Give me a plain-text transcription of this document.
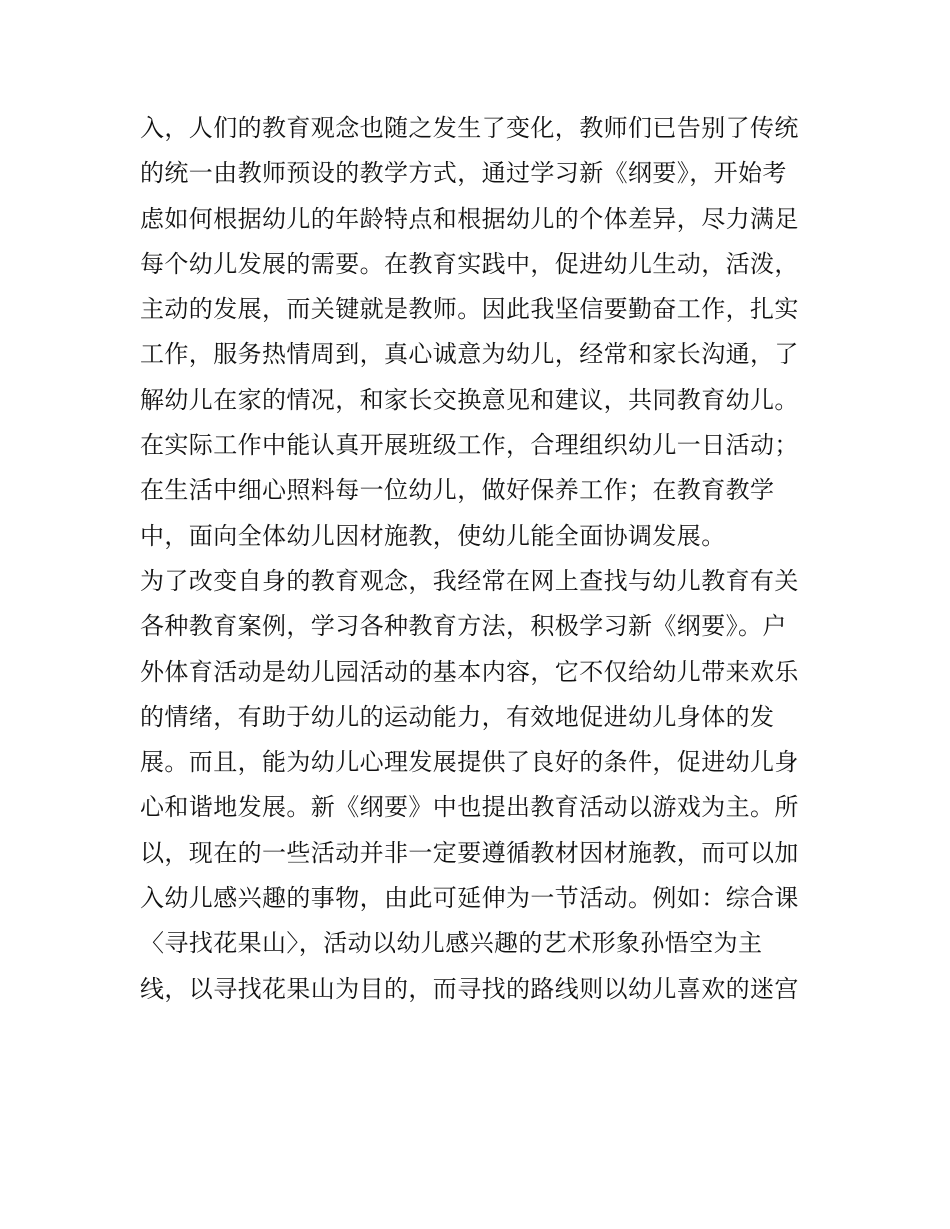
入，人们的教育观念也随之发生了变化，教师们已告别了传统
的统一由教师预设的教学方式，通过学习新《纲要》，开始考
虑如何根据幼儿的年龄特点和根据幼儿的个体差异，尽力满足
每个幼儿发展的需要。在教育实践中，促进幼儿生动，活泼，
主动的发展，而关键就是教师。因此我坚信要勤奋工作，扎实
工作，服务热情周到，真心诚意为幼儿，经常和家长沟通，了
解幼儿在家的情况，和家长交换意见和建议，共同教育幼儿。
在实际工作中能认真开展班级工作，合理组织幼儿一日活动；
在生活中细心照料每一位幼儿，做好保养工作；在教育教学
中，面向全体幼儿因材施教，使幼儿能全面协调发展。
为了改变自身的教育观念，我经常在网上查找与幼儿教育有关
各种教育案例，学习各种教育方法，积极学习新《纲要》。户
外体育活动是幼儿园活动的基本内容，它不仅给幼儿带来欢乐
的情绪，有助于幼儿的运动能力，有效地促进幼儿身体的发
展。而且，能为幼儿心理发展提供了良好的条件，促进幼儿身
心和谐地发展。新《纲要》中也提出教育活动以游戏为主。所
以，现在的一些活动并非一定要遵循教材因材施教，而可以加
入幼儿感兴趣的事物，由此可延伸为一节活动。例如：综合课
〈寻找花果山〉，活动以幼儿感兴趣的艺术形象孙悟空为主
线，以寻找花果山为目的，而寻找的路线则以幼儿喜欢的迷宫
